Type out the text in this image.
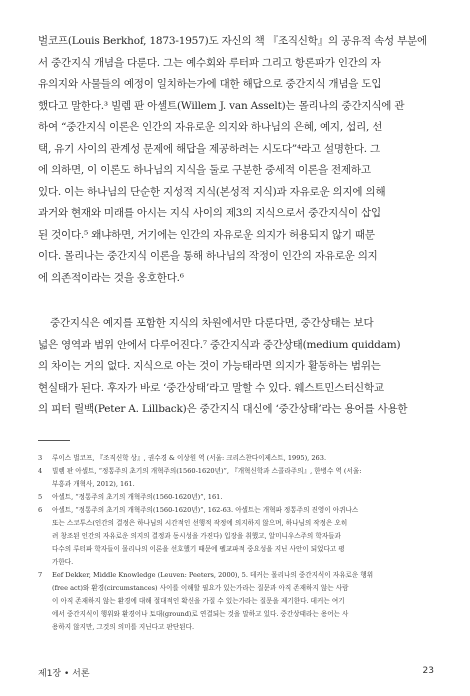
벌코프(Louis Berkhof, 1873-1957)도 자신의 책 『조직신학』의 공유적 속성 부분에
서 중간지식 개념을 다룬다. 그는 예수회와 루터파 그리고 항론파가 인간의 자
유의지와 사물들의 예정이 일치하는가에 대한 해답으로 중간지식 개념을 도입
했다고 말한다.³ 빌렘 판 아셀트(Willem J. van Asselt)는 몰리나의 중간지식에 관
하여 “중간지식 이론은 인간의 자유로운 의지와 하나님의 은혜, 예지, 섭리, 선
택, 유기 사이의 관계성 문제에 해답을 제공하려는 시도다”⁴라고 설명한다. 그
에 의하면, 이 이론도 하나님의 지식을 둘로 구분한 중세적 이론을 전제하고
있다. 이는 하나님의 단순한 지성적 지식(본성적 지식)과 자유로운 의지에 의해
과거와 현재와 미래를 아시는 지식 사이의 제3의 지식으로서 중간지식이 삽입
된 것이다.⁵ 왜냐하면, 거기에는 인간의 자유로운 의지가 허용되지 않기 때문
이다. 몰리나는 중간지식 이론을 통해 하나님의 작정이 인간의 자유로운 의지
에 의존적이라는 것을 옹호한다.⁶
중간지식은 예지를 포함한 지식의 차원에서만 다룬다면, 중간상태는 보다
넓은 영역과 범위 안에서 다루어진다.⁷ 중간지식과 중간상태(medium quiddam)
의 차이는 거의 없다. 지식으로 아는 것이 가능태라면 의지가 활동하는 범위는
현실태가 된다. 후자가 바로 ‘중간상태’라고 말할 수 있다. 웨스트민스터신학교
의 피터 릴백(Peter A. Lillback)은 중간지식 대신에 ‘중간상태’라는 용어를 사용한
3	루이스 벌코프, 『조직신학 상』, 권수경 & 이상원 역 (서울: 크리스찬다이제스트, 1995), 263.
4	빌렘 판 아셀트, “정통주의 초기의 개혁주의(1560-1620년)”, 『개혁신학과 스콜라주의』, 한병수 역 (서울:
부흥과 개혁사, 2012), 161.
5	아셀트, “정통주의 초기의 개혁주의(1560-1620년)”, 161.
6	아셀트, “정통주의 초기의 개혁주의(1560-1620년)”, 162-63. 아셀트는 개혁파 정통주의 진영이 아퀴나스
또는 스코투스(인간의 결정은 하나님의 시간적인 선행적 작정에 의지하지 않으며, 하나님의 작정은 오히
려 창조된 인간의 자유로운 의지의 결정과 동시성을 가진다) 입장을 취했고, 알미니우스주의 학자들과
다수의 루터파 학자들이 몰리나의 이론을 선호했기 때문에 펠교파적 중요성을 지닌 사안이 되었다고 평
가한다.
7	Eef Dekker, Middle Knowledge (Leuven: Peeters, 2000), 5. 데커는 몰리나의 중간지식이 자유로운 행위
(free act)와 환경(circumstances) 사이를 이해할 필요가 있는가라는 질문과 아직 존재하지 않는 사람
이 아직 존재하지 않는 환경에 대해 절대적인 확신을 가질 수 있는가라는 질문을 제기한다. 데커는 여기
에서 중간지식이 행위와 환경이나 토대(ground)로 연결되는 것을 말하고 있다. 중간상태라는 용어는 사
용하지 않지만, 그것의 의미를 지닌다고 판단된다.
제1장 • 서론	23
